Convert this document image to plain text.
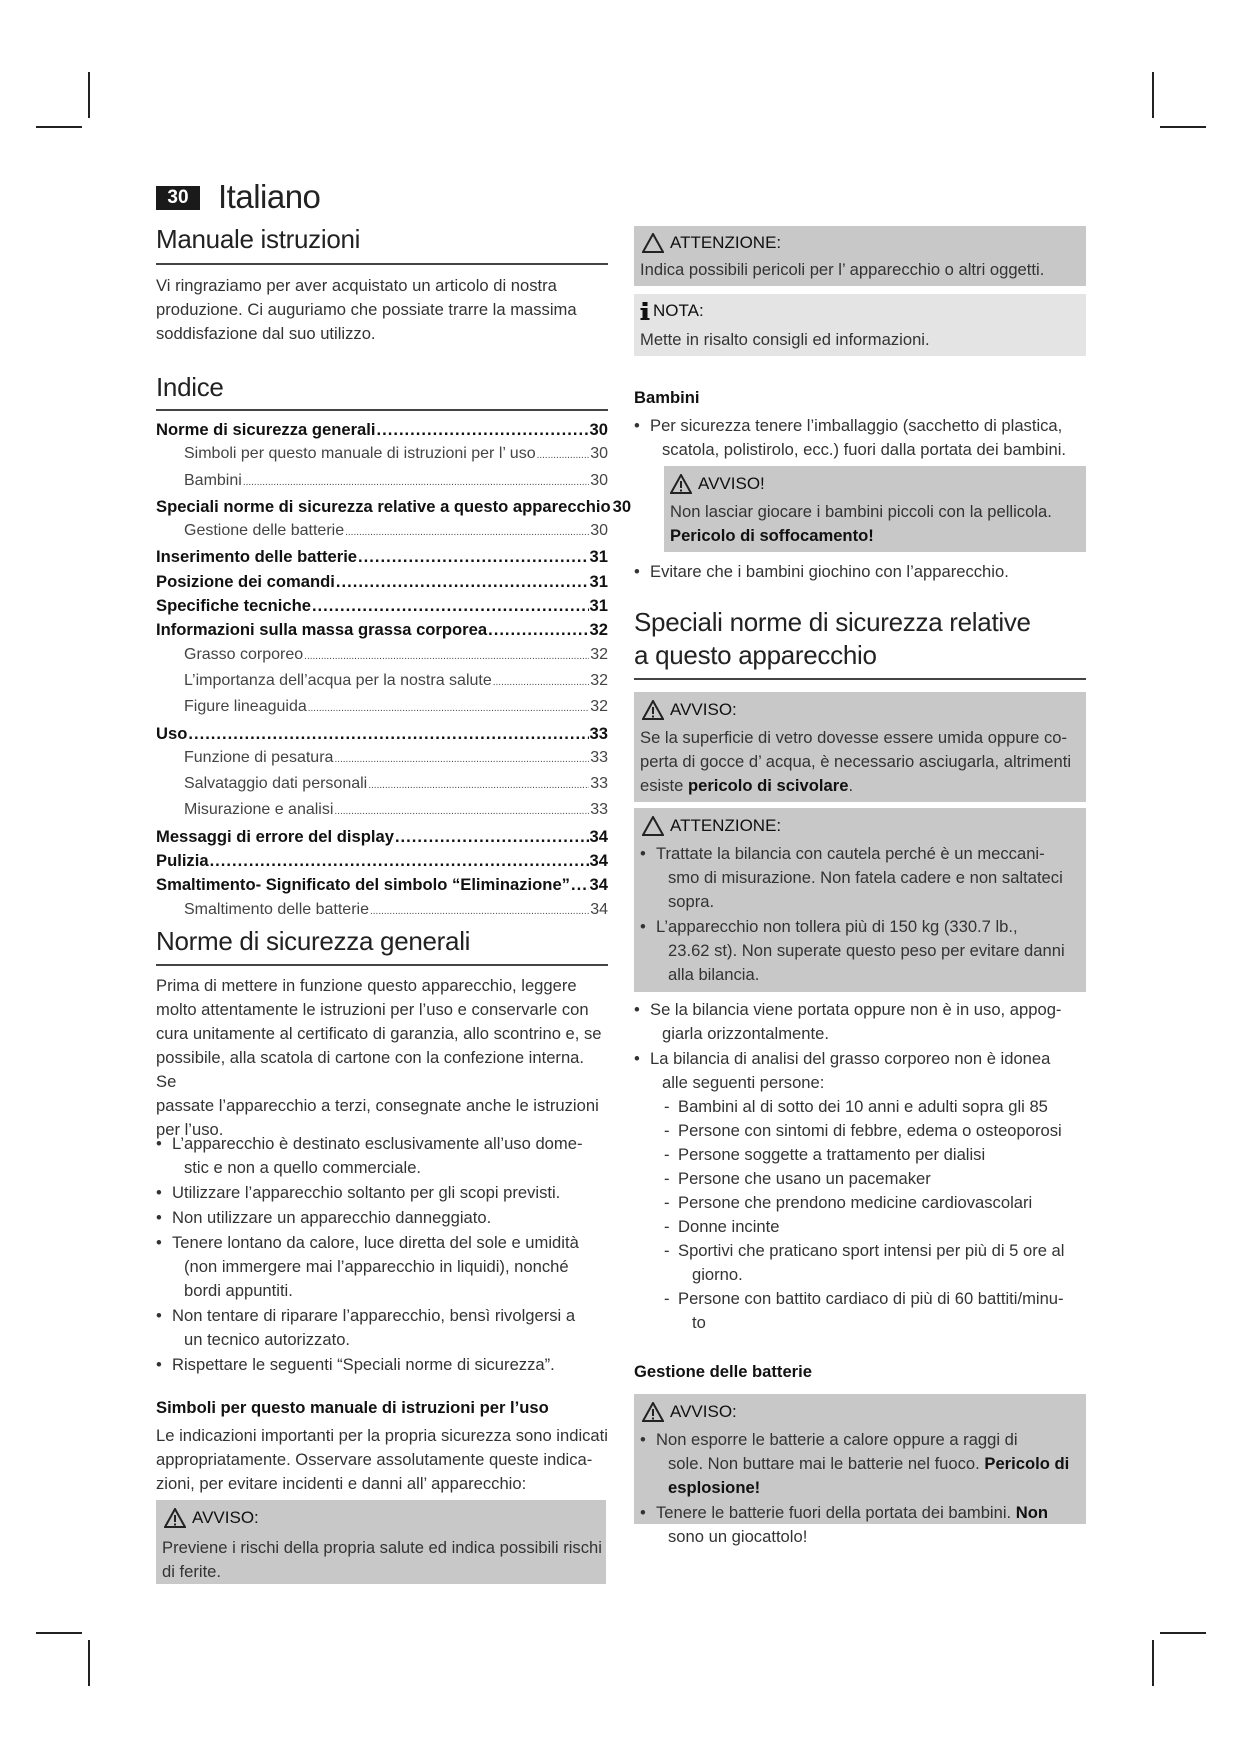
30 Italiano
Manuale istruzioni

Vi ringraziamo per aver acquistato un articolo di nostra

produzione. Ci auguriamo che possiate trarre la massima

soddisfazione dal suo utilizzo.

Indice
Norme di sicurezza generali .....	30
Simboli per questo manuale di istruzioni per l’ uso .....	30
Bambini .....	30
Speciali norme di sicurezza relative a questo apparecchio 30
Gestione delle batterie .....	30
Inserimento delle batterie .....	31
Posizione dei comandi .....	31
Specifiche tecniche .....	31
Informazioni sulla massa grassa corporea .....	32
Grasso corporeo .....	32
L’importanza dell’acqua per la nostra salute .....	32
Figure lineaguida .....	32
Uso .....	33
Funzione di pesatura .....	33
Salvataggio dati personali .....	33
Misurazione e analisi .....	33
Messaggi di errore del display .....	34
Pulizia .....	34
Smaltimento- Significato del simbolo “Eliminazione” ..... 34
Smaltimento delle batterie .....	34
Norme di sicurezza generali

Prima di mettere in funzione questo apparecchio, leggere

molto attentamente le istruzioni per l’uso e conservarle con

cura unitamente al certificato di garanzia, allo scontrino e, se

possibile, alla scatola di cartone con la confezione interna. Se

passate l’apparecchio a terzi, consegnate anche le istruzioni

per l’uso.

• L’apparecchio è destinato esclusivamente all’uso dome-
stic e non a quello commerciale.
• Utilizzare l’apparecchio soltanto per gli scopi previsti.
• Non utilizzare un apparecchio danneggiato.
• Tenere lontano da calore, luce diretta del sole e umidità
(non immergere mai l’apparecchio in liquidi), nonché
bordi appuntiti.
• Non tentare di riparare l’apparecchio, bensì rivolgersi a
un tecnico autorizzato.
• Rispettare le seguenti “Speciali norme di sicurezza”.
Simboli per questo manuale di istruzioni per l’uso

Le indicazioni importanti per la propria sicurezza sono indicati

appropriatamente. Osservare assolutamente queste indica-

zioni, per evitare incidenti e danni all’ apparecchio:

AVVISO:
Previene i rischi della propria salute ed indica possibili rischi
di ferite.
ATTENZIONE:
Indica possibili pericoli per l’ apparecchio o altri oggetti.
NOTA:
Mette in risalto consigli ed informazioni.
Bambini
• Per sicurezza tenere l’imballaggio (sacchetto di plastica,
scatola, polistirolo, ecc.) fuori dalla portata dei bambini.
AVVISO!
Non lasciar giocare i bambini piccoli con la pellicola.
Pericolo di soffocamento!
• Evitare che i bambini giochino con l’apparecchio.
Speciali norme di sicurezza relative
a questo apparecchio
AVVISO:
Se la superficie di vetro dovesse essere umida oppure co-
perta di gocce d’ acqua, è necessario asciugarla, altrimenti
esiste pericolo di scivolare.
ATTENZIONE:
• Trattate la bilancia con cautela perché è un meccani-
smo di misurazione. Non fatela cadere e non saltateci
sopra.
• L’apparecchio non tollera più di 150 kg (330.7 lb.,
23.62 st). Non superate questo peso per evitare danni
alla bilancia.
• Se la bilancia viene portata oppure non è in uso, appog-
giarla orizzontalmente.
• La bilancia di analisi del grasso corporeo non è idonea
alle seguenti persone:
- Bambini al di sotto dei 10 anni e adulti sopra gli 85
- Persone con sintomi di febbre, edema o osteoporosi
- Persone soggette a trattamento per dialisi
- Persone che usano un pacemaker
- Persone che prendono medicine cardiovascolari
- Donne incinte
- Sportivi che praticano sport intensi per più di 5 ore al
giorno.
- Persone con battito cardiaco di più di 60 battiti/minu-
to
Gestione delle batterie
AVVISO:
• Non esporre le batterie a calore oppure a raggi di
sole. Non buttare mai le batterie nel fuoco. Pericolo di
esplosione!
• Tenere le batterie fuori della portata dei bambini. Non
sono un giocattolo!
